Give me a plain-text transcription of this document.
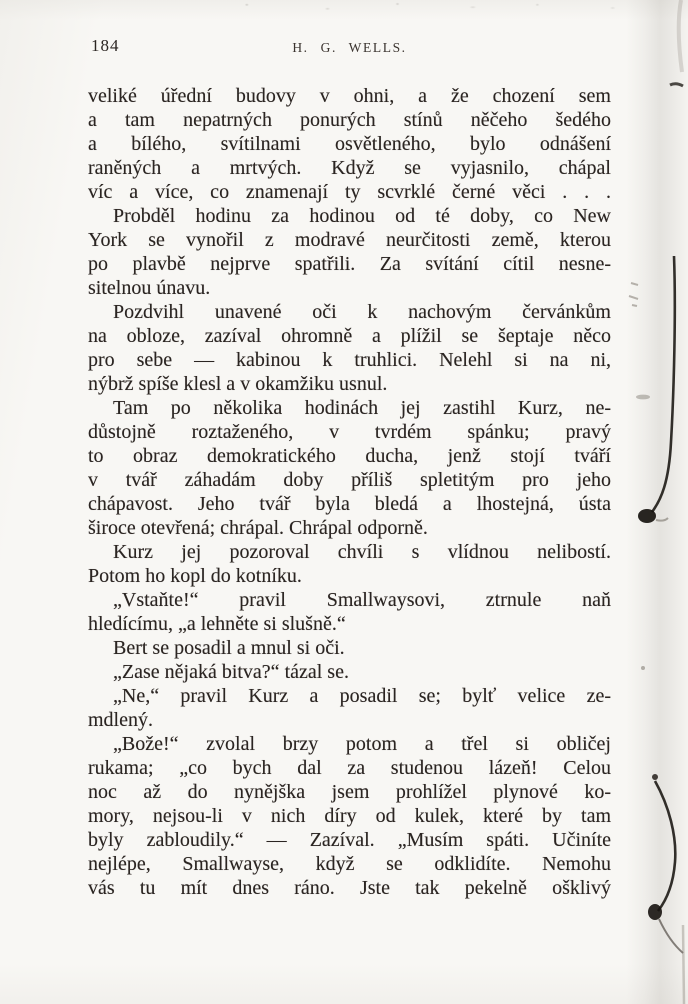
184	H. G. WELLS.
veliké úřední budovy v ohni, a že chození sem
a tam nepatrných ponurých stínů něčeho šedého
a bílého, svítilnami osvětleného, bylo odnášení
raněných a mrtvých. Když se vyjasnilo, chápal
víc a více, co znamenají ty scvrklé černé věci . . .
Probděl hodinu za hodinou od té doby, co New
York se vynořil z modravé neurčitosti země, kterou
po plavbě nejprve spatřili. Za svítání cítil nesne-
sitelnou únavu.
Pozdvihl unavené oči k nachovým červánkům
na obloze, zazíval ohromně a plížil se šeptaje něco
pro sebe — kabinou k truhlici. Nelehl si na ni,
nýbrž spíše klesl a v okamžiku usnul.
Tam po několika hodinách jej zastihl Kurz, ne-
důstojně roztaženého, v tvrdém spánku; pravý
to obraz demokratického ducha, jenž stojí tváří
v tvář záhadám doby příliš spletitým pro jeho
chápavost. Jeho tvář byla bledá a lhostejná, ústa
široce otevřená; chrápal. Chrápal odporně.
Kurz jej pozoroval chvíli s vlídnou nelibostí.
Potom ho kopl do kotníku.
„Vstaňte!“ pravil Smallwaysovi, ztrnule naň
hledícímu, „a lehněte si slušně.“
Bert se posadil a mnul si oči.
„Zase nějaká bitva?“ tázal se.
„Ne,“ pravil Kurz a posadil se; bylť velice ze-
mdlený.
„Bože!“ zvolal brzy potom a třel si obličej
rukama; „co bych dal za studenou lázeň! Celou
noc až do nynějška jsem prohlížel plynové ko-
mory, nejsou-li v nich díry od kulek, které by tam
byly zabloudily.“ — Zazíval. „Musím spáti. Učiníte
nejlépe, Smallwayse, když se odklidíte. Nemohu
vás tu mít dnes ráno. Jste tak pekelně ošklivý
